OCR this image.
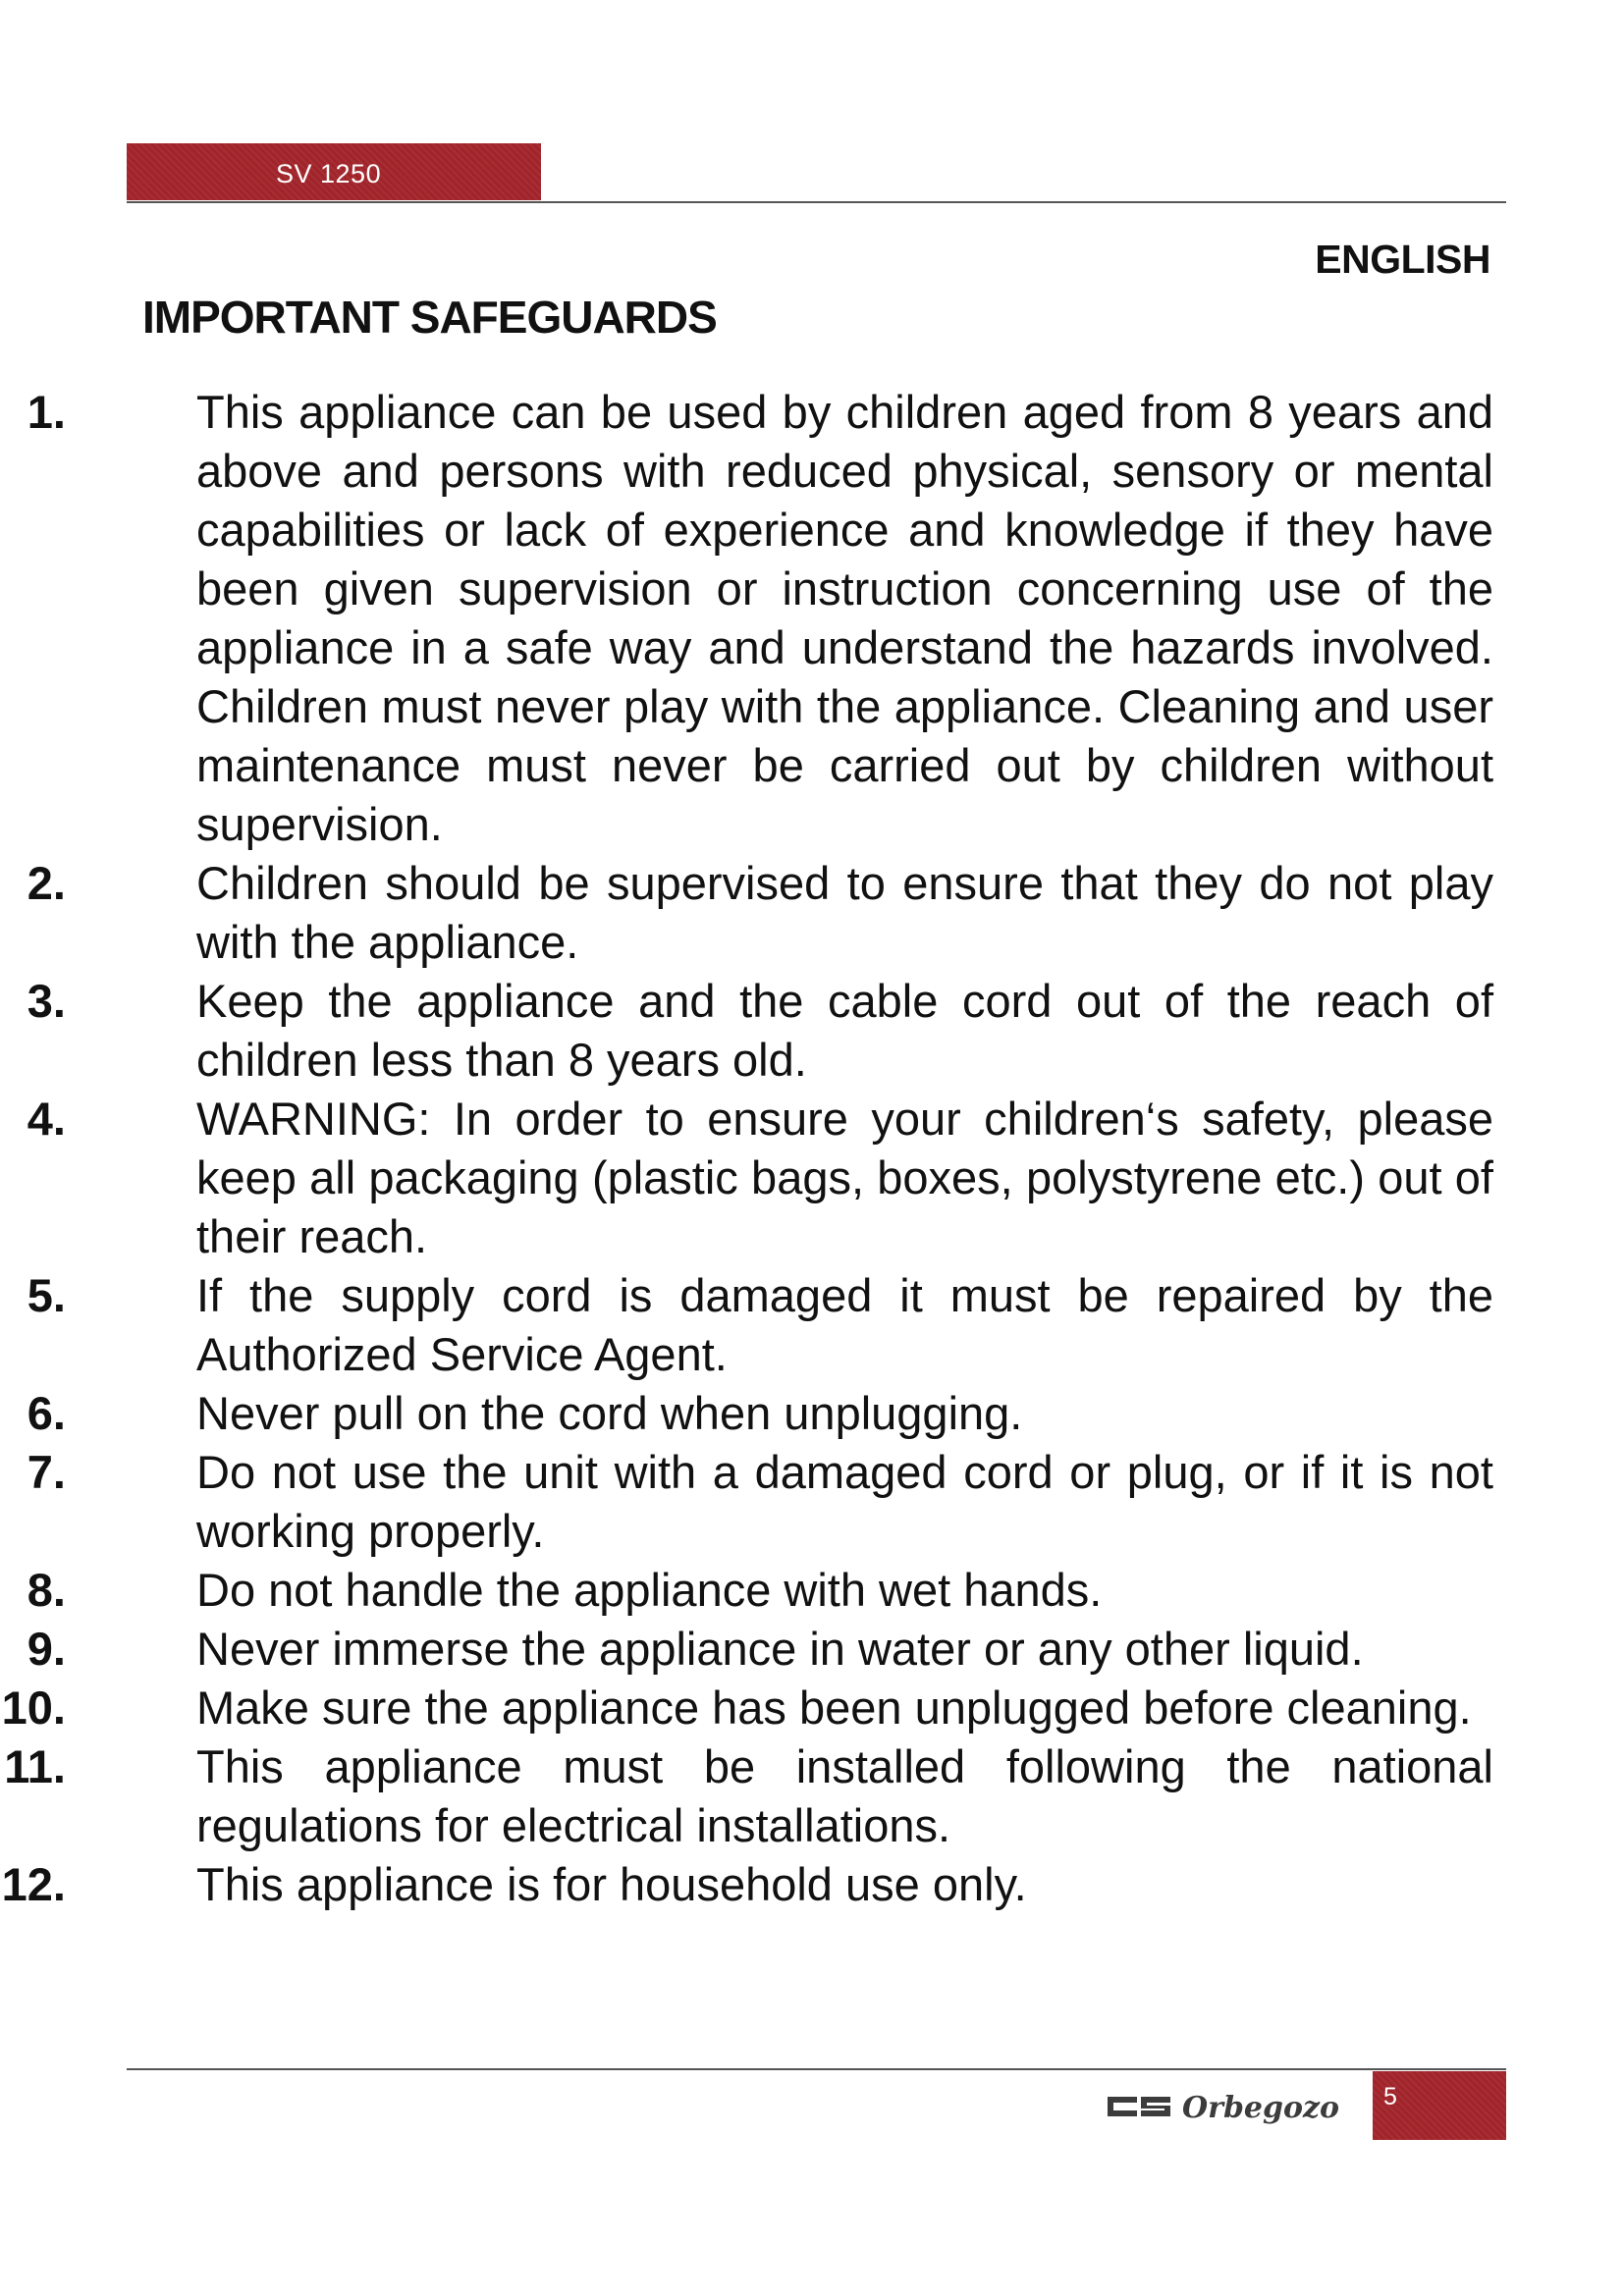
SV 1250
ENGLISH
IMPORTANT SAFEGUARDS
1.	This appliance can be used by children aged from 8 years and above and persons with reduced physical, sensory or mental capabilities or lack of experience and knowledge if they have been given supervision or instruction concerning use of the appliance in a safe way and understand the hazards involved. Children must never play with the appliance. Cleaning and user maintenance must never be carried out by children without supervision.
2.	Children should be supervised to ensure that they do not play with the appliance.
3.	Keep the appliance and the cable cord out of the reach of children less than 8 years old.
4.	WARNING: In order to ensure your children‘s safety, please keep all packaging (plastic bags, boxes, polystyrene etc.) out of their reach.
5.	If the supply cord is damaged it must be repaired by the Authorized Service Agent.
6.	Never pull on the cord when unplugging.
7.	Do not use the unit with a damaged cord or plug, or if it is not working properly.
8.	Do not handle the appliance with wet hands.
9.	Never immerse the appliance in water or any other liquid.
10.	Make sure the appliance has been unplugged before cleaning.
11.	This appliance must be installed following the national regulations for electrical installations.
12.	This appliance is for household use only.
Orbegozo 5
